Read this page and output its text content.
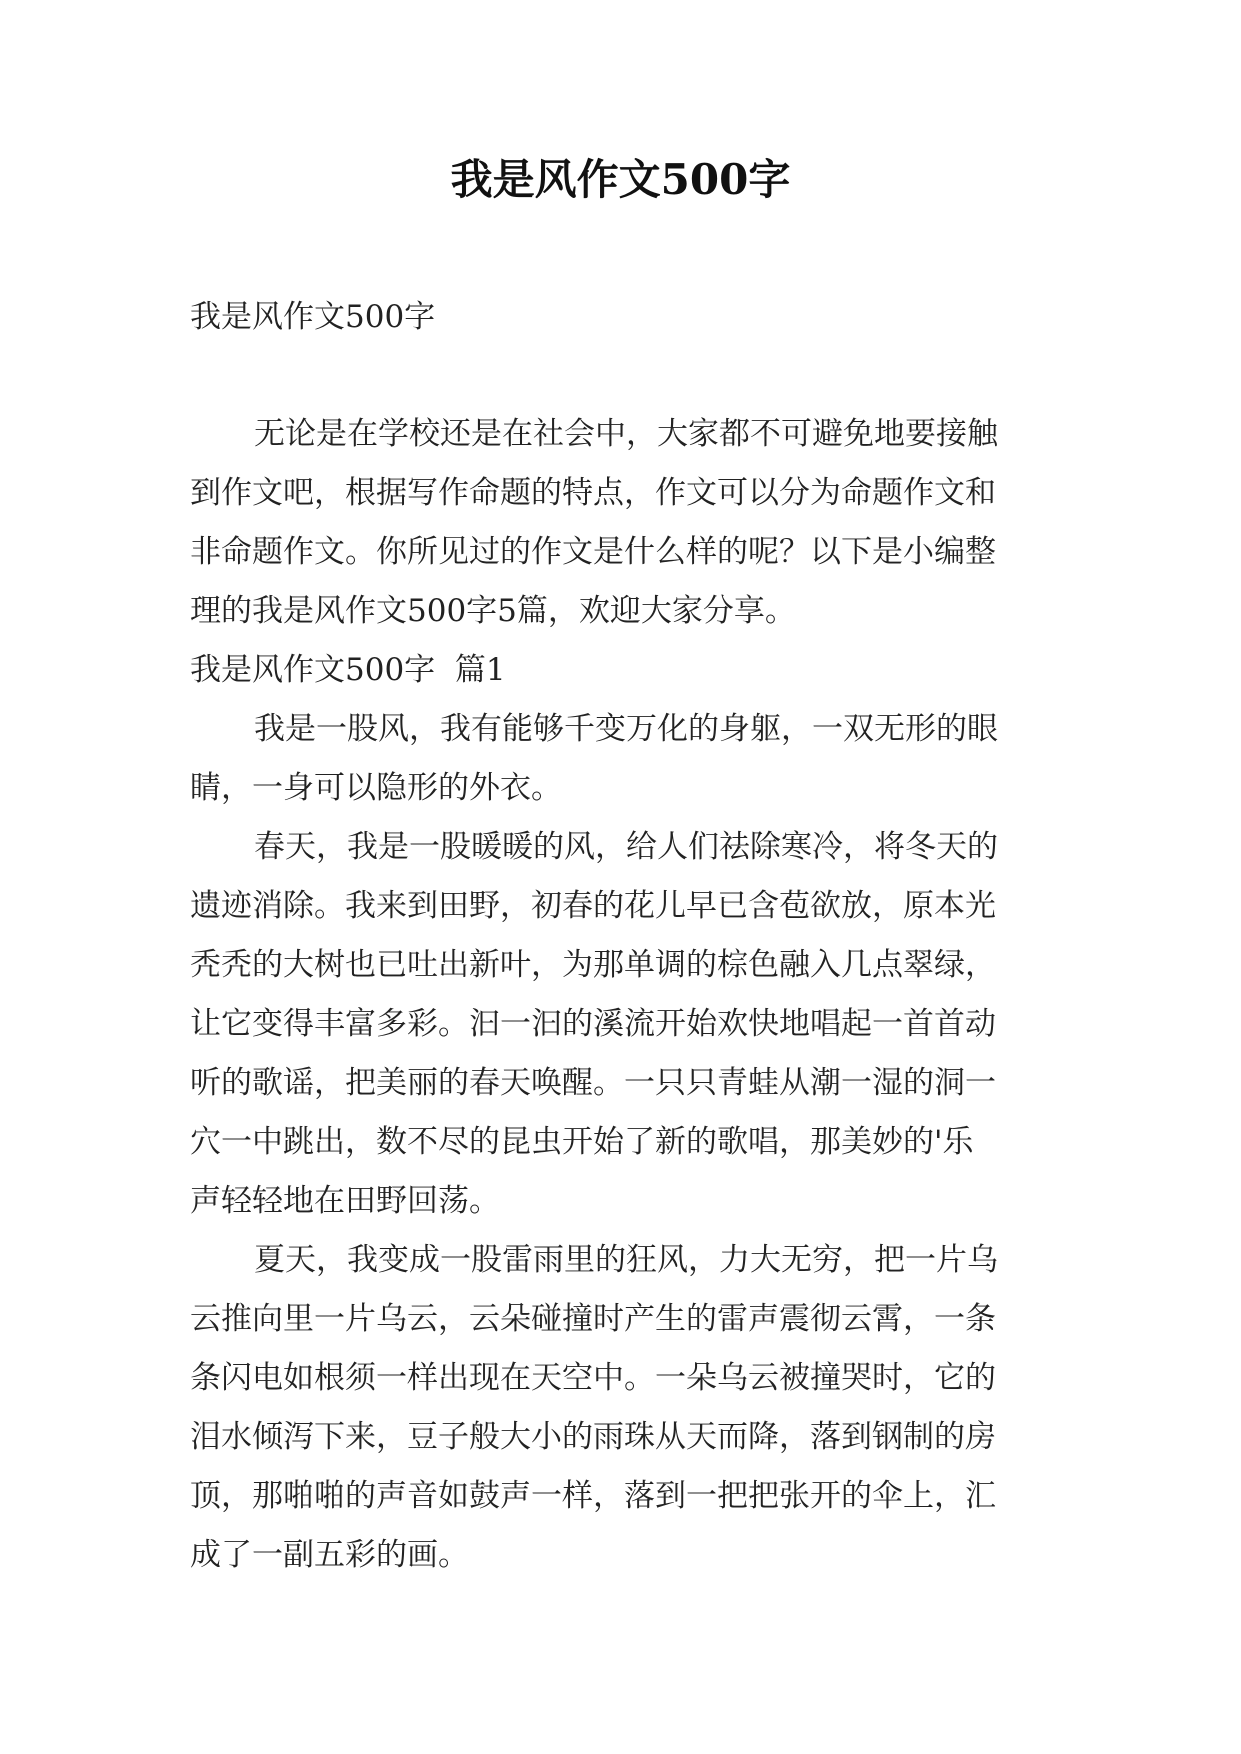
我是风作文500字
我是风作文500字
无论是在学校还是在社会中，大家都不可避免地要接触
到作文吧，根据写作命题的特点，作文可以分为命题作文和
非命题作文。你所见过的作文是什么样的呢？以下是小编整
理的我是风作文500字5篇，欢迎大家分享。
我是风作文500字  篇1
我是一股风，我有能够千变万化的身躯，一双无形的眼
睛，一身可以隐形的外衣。
春天，我是一股暖暖的风，给人们祛除寒冷，将冬天的
遗迹消除。我来到田野，初春的花儿早已含苞欲放，原本光
秃秃的大树也已吐出新叶，为那单调的棕色融入几点翠绿，
让它变得丰富多彩。汩一汩的溪流开始欢快地唱起一首首动
听的歌谣，把美丽的春天唤醒。一只只青蛙从潮一湿的洞一
穴一中跳出，数不尽的昆虫开始了新的歌唱，那美妙的'乐
声轻轻地在田野回荡。
夏天，我变成一股雷雨里的狂风，力大无穷，把一片乌
云推向里一片乌云，云朵碰撞时产生的雷声震彻云霄，一条
条闪电如根须一样出现在天空中。一朵乌云被撞哭时，它的
泪水倾泻下来，豆子般大小的雨珠从天而降，落到钢制的房
顶，那啪啪的声音如鼓声一样，落到一把把张开的伞上，汇
成了一副五彩的画。
